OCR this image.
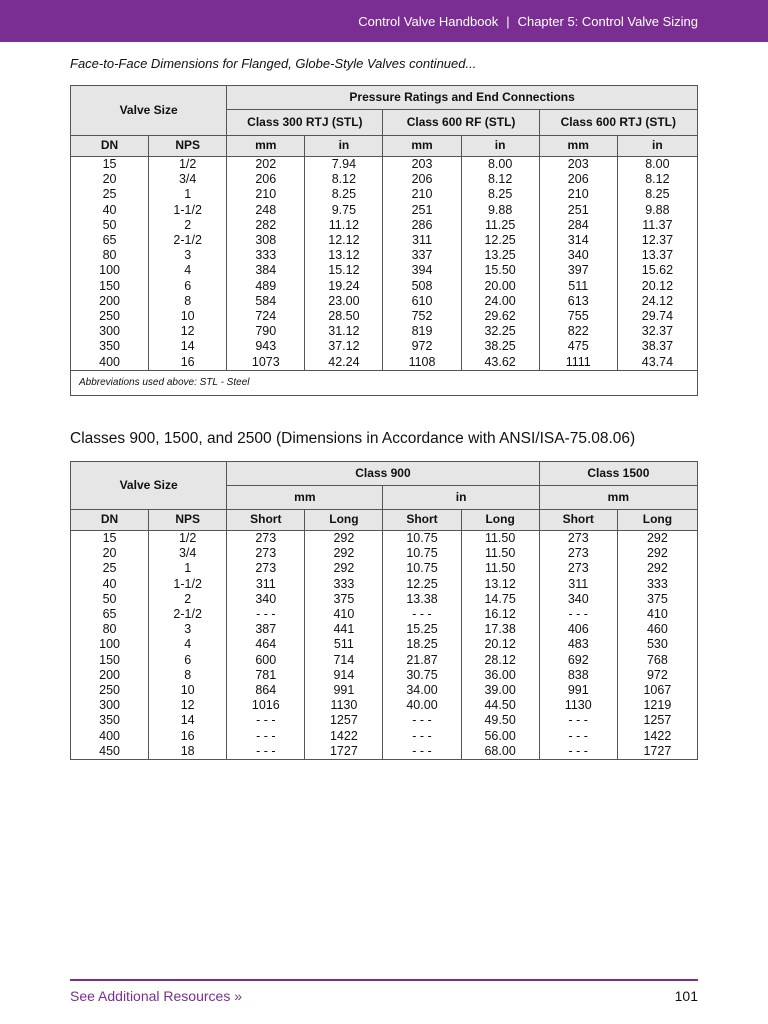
Control Valve Handbook | Chapter 5: Control Valve Sizing
Face-to-Face Dimensions for Flanged, Globe-Style Valves continued...
Valve Size		Pressure Ratings and End Connections					
		Class 300 RTJ (STL)		Class 600 RF (STL)		Class 600 RTJ (STL)	
DN	NPS	mm	in	mm	in	mm	in
15	1/2	202	7.94	203	8.00	203	8.00
20	3/4	206	8.12	206	8.12	206	8.12
25	1	210	8.25	210	8.25	210	8.25
40	1-1/2	248	9.75	251	9.88	251	9.88
50	2	282	11.12	286	11.25	284	11.37
65	2-1/2	308	12.12	311	12.25	314	12.37
80	3	333	13.12	337	13.25	340	13.37
100	4	384	15.12	394	15.50	397	15.62
150	6	489	19.24	508	20.00	511	20.12
200	8	584	23.00	610	24.00	613	24.12
250	10	724	28.50	752	29.62	755	29.74
300	12	790	31.12	819	32.25	822	32.37
350	14	943	37.12	972	38.25	475	38.37
400	16	1073	42.24	1108	43.62	1111	43.74
Abbreviations used above: STL - Steel							
Classes 900, 1500, and 2500 (Dimensions in Accordance with ANSI/ISA-75.08.06)
Valve Size		Class 900				Class 1500	
		mm		in		mm	
DN	NPS	Short	Long	Short	Long	Short	Long
15	1/2	273	292	10.75	11.50	273	292
20	3/4	273	292	10.75	11.50	273	292
25	1	273	292	10.75	11.50	273	292
40	1-1/2	311	333	12.25	13.12	311	333
50	2	340	375	13.38	14.75	340	375
65	2-1/2	- - -	410	- - -	16.12	- - -	410
80	3	387	441	15.25	17.38	406	460
100	4	464	511	18.25	20.12	483	530
150	6	600	714	21.87	28.12	692	768
200	8	781	914	30.75	36.00	838	972
250	10	864	991	34.00	39.00	991	1067
300	12	1016	1130	40.00	44.50	1130	1219
350	14	- - -	1257	- - -	49.50	- - -	1257
400	16	- - -	1422	- - -	56.00	- - -	1422
450	18	- - -	1727	- - -	68.00	- - -	1727
See Additional Resources »	101
